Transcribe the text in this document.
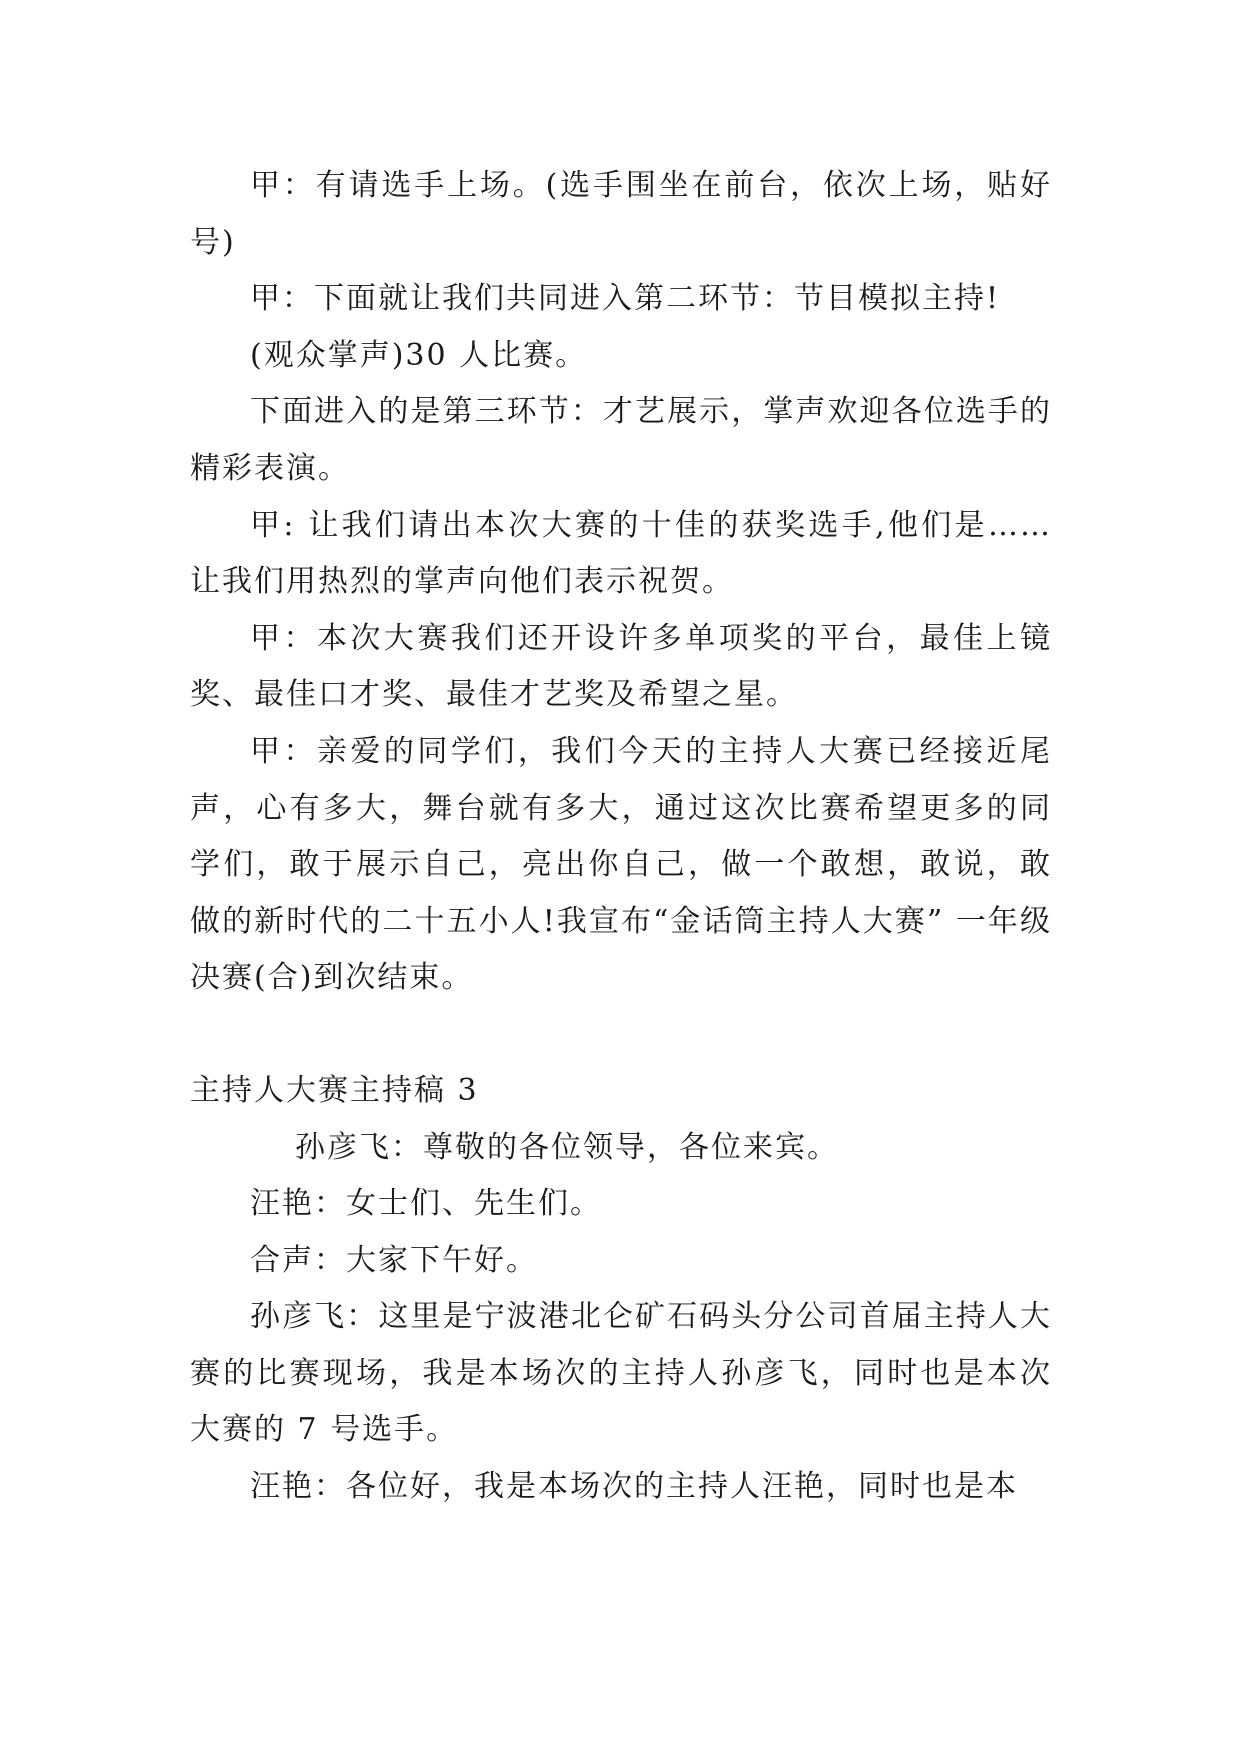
甲：有请选手上场。(选手围坐在前台，依次上场，贴好号)

甲：下面就让我们共同进入第二环节：节目模拟主持!

(观众掌声)30 人比赛。

下面进入的是第三环节：才艺展示，掌声欢迎各位选手的精彩表演。

甲: 让我们请出本次大赛的十佳的获奖选手,他们是……让我们用热烈的掌声向他们表示祝贺。

甲：本次大赛我们还开设许多单项奖的平台，最佳上镜奖、最佳口才奖、最佳才艺奖及希望之星。

甲：亲爱的同学们，我们今天的主持人大赛已经接近尾声，心有多大，舞台就有多大，通过这次比赛希望更多的同学们，敢于展示自己，亮出你自己，做一个敢想，敢说，敢做的新时代的二十五小人!我宣布“金话筒主持人大赛” 一年级决赛(合)到次结束。

主持人大赛主持稿 3

孙彦飞：尊敬的各位领导，各位来宾。

汪艳：女士们、先生们。

合声：大家下午好。

孙彦飞：这里是宁波港北仑矿石码头分公司首届主持人大赛的比赛现场，我是本场次的主持人孙彦飞，同时也是本次大赛的 7 号选手。

汪艳：各位好，我是本场次的主持人汪艳，同时也是本
